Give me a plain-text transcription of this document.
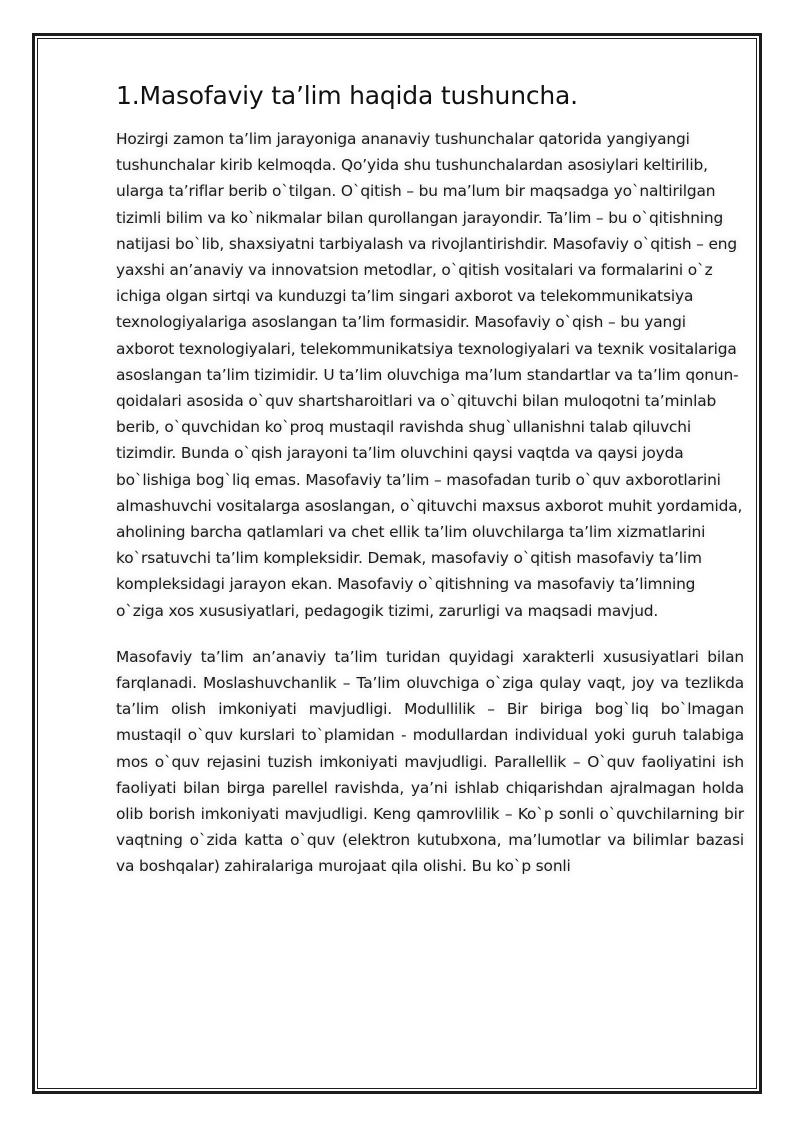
1.Masofaviy ta’lim haqida tushuncha.

Hozirgi zamon ta’lim jarayoniga ananaviy tushunchalar qatorida yangiyangi tushunchalar kirib kelmoqda. Qo’yida shu tushunchalardan asosiylari keltirilib, ularga ta’riflar berib o`tilgan. O`qitish – bu ma’lum bir maqsadga yo`naltirilgan tizimli bilim va ko`nikmalar bilan qurollangan jarayondir. Ta’lim – bu o`qitishning natijasi bo`lib, shaxsiyatni tarbiyalash va rivojlantirishdir. Masofaviy o`qitish – eng yaxshi an’anaviy va innovatsion metodlar, o`qitish vositalari va formalarini o`z ichiga olgan sirtqi va kunduzgi ta’lim singari axborot va telekommunikatsiya texnologiyalariga asoslangan ta’lim formasidir. Masofaviy o`qish – bu yangi axborot texnologiyalari, telekommunikatsiya texnologiyalari va texnik vositalariga asoslangan ta’lim tizimidir. U ta’lim oluvchiga ma’lum standartlar va ta’lim qonun-qoidalari asosida o`quv shartsharoitlari va o`qituvchi bilan muloqotni ta’minlab berib, o`quvchidan ko`proq mustaqil ravishda shug`ullanishni talab qiluvchi tizimdir. Bunda o`qish jarayoni ta’lim oluvchini qaysi vaqtda va qaysi joyda bo`lishiga bog`liq emas. Masofaviy ta’lim – masofadan turib o`quv axborotlarini almashuvchi vositalarga asoslangan, o`qituvchi maxsus axborot muhit yordamida, aholining barcha qatlamlari va chet ellik ta’lim oluvchilarga ta’lim xizmatlarini ko`rsatuvchi ta’lim kompleksidir. Demak, masofaviy o`qitish masofaviy ta’lim kompleksidagi jarayon ekan. Masofaviy o`qitishning va masofaviy ta’limning o`ziga xos xususiyatlari, pedagogik tizimi, zarurligi va maqsadi mavjud.

Masofaviy ta’lim an’anaviy ta’lim turidan quyidagi xarakterli xususiyatlari bilan farqlanadi. Moslashuvchanlik – Ta’lim oluvchiga o`ziga qulay vaqt, joy va tezlikda ta’lim olish imkoniyati mavjudligi. Modullilik – Bir biriga bog`liq bo`lmagan mustaqil o`quv kurslari to`plamidan - modullardan individual yoki guruh talabiga mos o`quv rejasini tuzish imkoniyati mavjudligi. Parallellik – O`quv faoliyatini ish faoliyati bilan birga parellel ravishda, ya’ni ishlab chiqarishdan ajralmagan holda olib borish imkoniyati mavjudligi. Keng qamrovlilik – Ko`p sonli o`quvchilarning bir vaqtning o`zida katta o`quv (elektron kutubxona, ma’lumotlar va bilimlar bazasi va boshqalar) zahiralariga murojaat qila olishi. Bu ko`p sonli
